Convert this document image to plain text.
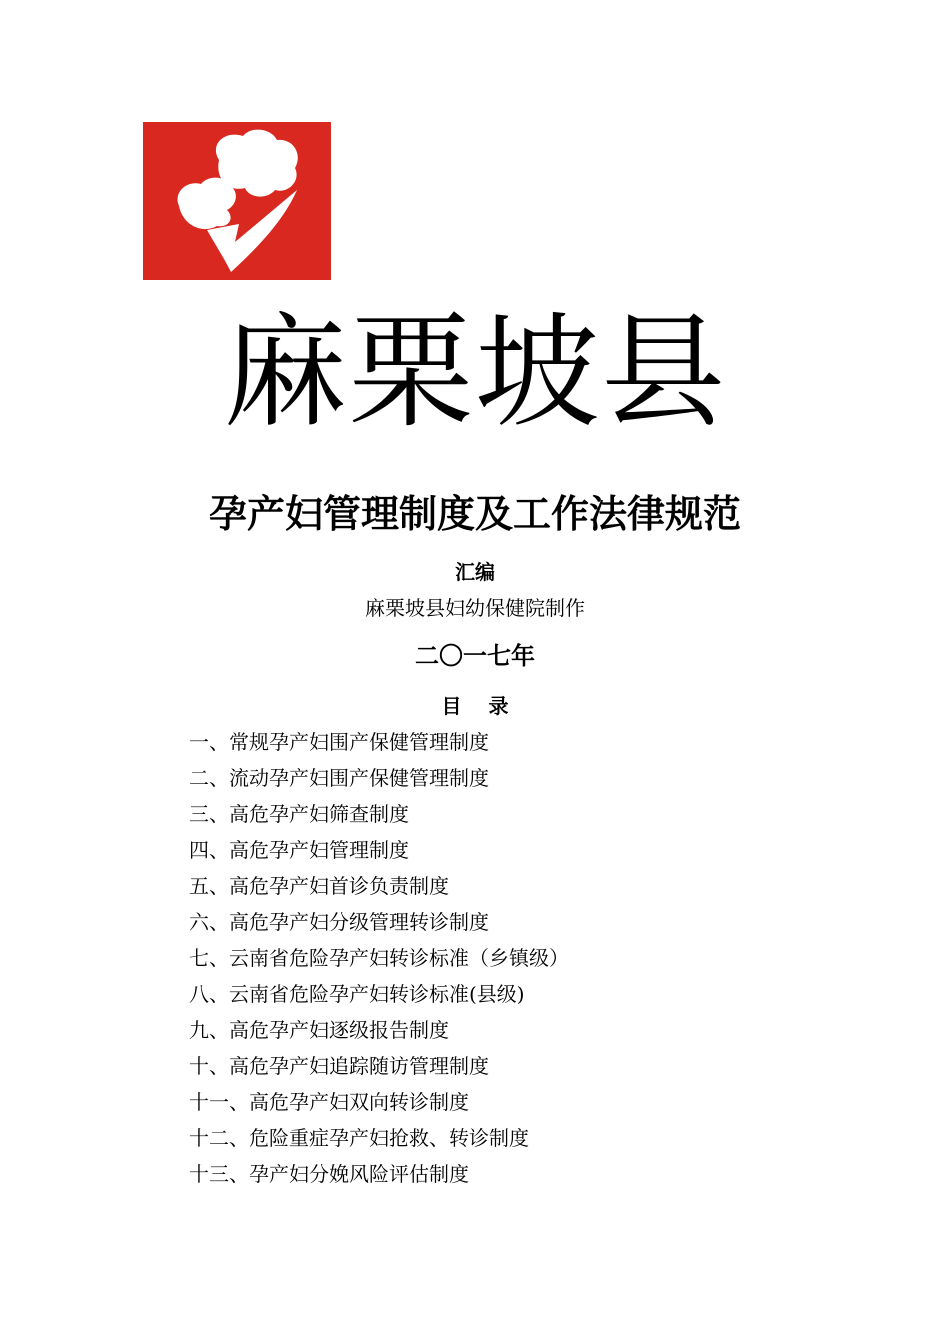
麻栗坡县
孕产妇管理制度及工作法律规范
汇编
麻栗坡县妇幼保健院制作
二〇一七年
目 录
一、常规孕产妇围产保健管理制度
二、流动孕产妇围产保健管理制度
三、高危孕产妇筛查制度
四、高危孕产妇管理制度
五、高危孕产妇首诊负责制度
六、高危孕产妇分级管理转诊制度
七、云南省危险孕产妇转诊标准（乡镇级）
八、云南省危险孕产妇转诊标准(县级)
九、高危孕产妇逐级报告制度
十、高危孕产妇追踪随访管理制度
十一、高危孕产妇双向转诊制度
十二、危险重症孕产妇抢救、转诊制度
十三、孕产妇分娩风险评估制度
